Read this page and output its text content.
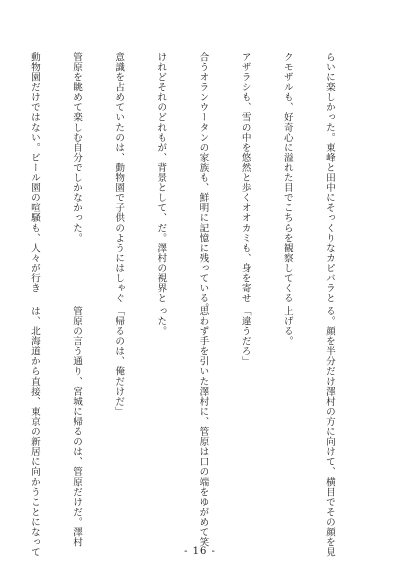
らいに楽しかった。東峰と田中にそっくりなカピバラと

クモザルも、好奇心に溢れた目でこちらを観察してくる

アザラシも、雪の中を悠然と歩くオオカミも、身を寄せ

合うオランウータンの家族も、鮮明に記憶に残っている。

けれどそれのどれもが、背景として、だ。澤村の視界と

意識を占めていたのは、動物園で子供のようにはしゃぐ

管原を眺めて楽しむ自分でしかなかった。

動物園だけではない。ビール園の喧騒も、人々が行き

る。顔を半分だけ澤村の方に向けて、横目でその顔を見

上げる。

「違うだろ」

思わず手を引いた澤村に、管原は口の端をゆがめて笑

った。

「帰るのは、俺だけだ」

管原の言う通り、宮城に帰るのは、管原だけだ。澤村

は、北海道から直接、東京の新居に向かうことになって

	- 16 -
